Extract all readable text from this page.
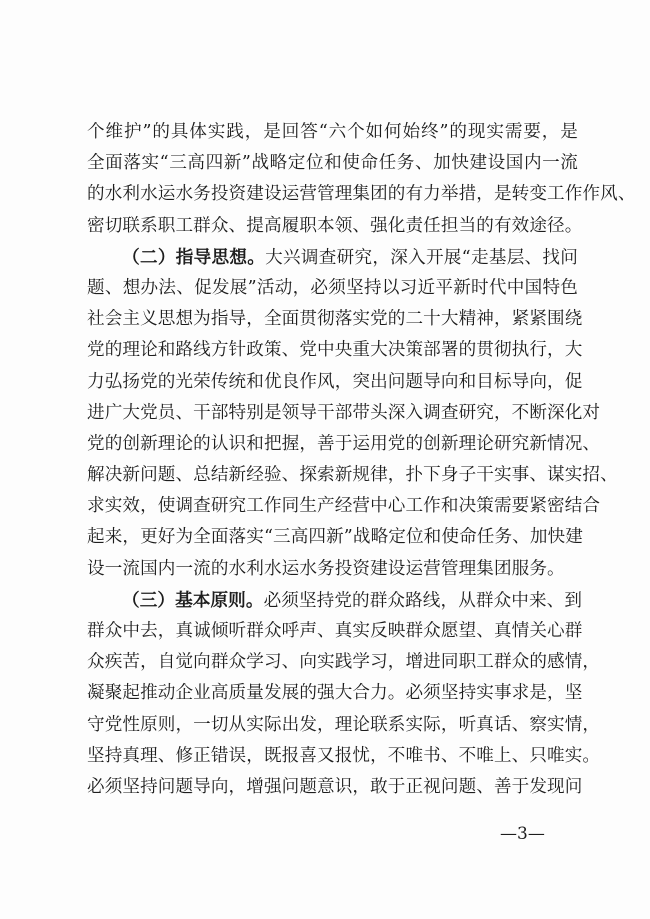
个维护”的具体实践，是回答“六个如何始终”的现实需要，是
全面落实“三高四新”战略定位和使命任务、加快建设国内一流
的水利水运水务投资建设运营管理集团的有力举措，是转变工作作风、
密切联系职工群众、提高履职本领、强化责任担当的有效途径。
（二）指导思想。大兴调查研究，深入开展“走基层、找问
题、想办法、促发展”活动，必须坚持以习近平新时代中国特色
社会主义思想为指导，全面贯彻落实党的二十大精神，紧紧围绕
党的理论和路线方针政策、党中央重大决策部署的贯彻执行，大
力弘扬党的光荣传统和优良作风，突出问题导向和目标导向，促
进广大党员、干部特别是领导干部带头深入调查研究，不断深化对
党的创新理论的认识和把握，善于运用党的创新理论研究新情况、
解决新问题、总结新经验、探索新规律，扑下身子干实事、谋实招、
求实效，使调查研究工作同生产经营中心工作和决策需要紧密结合
起来，更好为全面落实“三高四新”战略定位和使命任务、加快建
设一流国内一流的水利水运水务投资建设运营管理集团服务。
（三）基本原则。必须坚持党的群众路线，从群众中来、到
群众中去，真诚倾听群众呼声、真实反映群众愿望、真情关心群
众疾苦，自觉向群众学习、向实践学习，增进同职工群众的感情，
凝聚起推动企业高质量发展的强大合力。必须坚持实事求是，坚
守党性原则，一切从实际出发，理论联系实际，听真话、察实情，
坚持真理、修正错误，既报喜又报忧，不唯书、不唯上、只唯实。
必须坚持问题导向，增强问题意识，敢于正视问题、善于发现问
—3—
